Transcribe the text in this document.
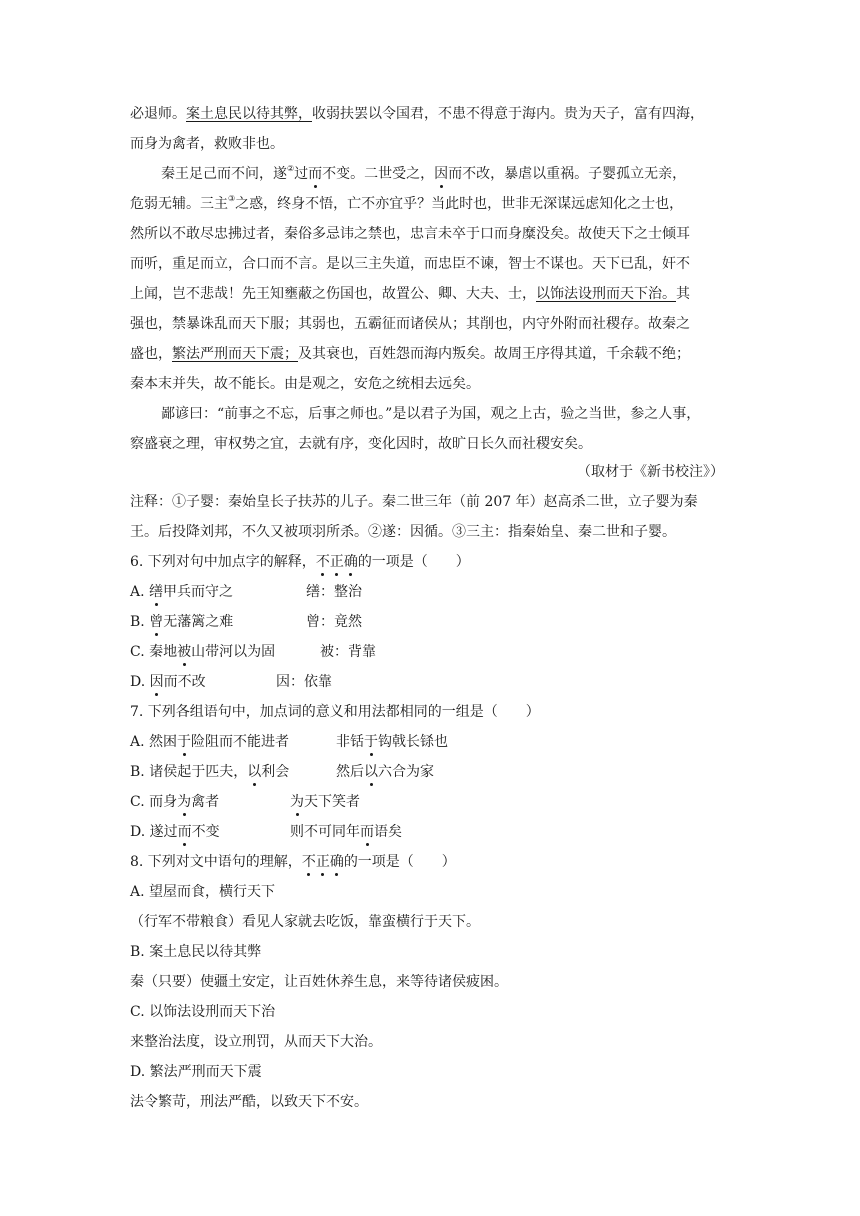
必退师。案土息民以待其弊，收弱扶罢以令国君，不患不得意于海内。贵为天子，富有四海，
而身为禽者，救败非也。
秦王足己而不问，遂②过而不变。二世受之，因而不改，暴虐以重祸。子婴孤立无亲，
危弱无辅。三主③之惑，终身不悟，亡不亦宜乎？当此时也，世非无深谋远虑知化之士也，
然所以不敢尽忠拂过者，秦俗多忌讳之禁也，忠言未卒于口而身糜没矣。故使天下之士倾耳
而听，重足而立，合口而不言。是以三主失道，而忠臣不谏，智士不谋也。天下已乱，奸不
上闻，岂不悲哉！先王知壅蔽之伤国也，故置公、卿、大夫、士，以饰法设刑而天下治。其
强也，禁暴诛乱而天下服；其弱也，五霸征而诸侯从；其削也，内守外附而社稷存。故秦之
盛也，繁法严刑而天下震；及其衰也，百姓怨而海内叛矣。故周王序得其道，千余载不绝；
秦本末并失，故不能长。由是观之，安危之统相去远矣。
鄙谚曰：“前事之不忘，后事之师也。”是以君子为国，观之上古，验之当世，参之人事，
察盛衰之理，审权势之宜，去就有序，变化因时，故旷日长久而社稷安矣。
（取材于《新书校注》）
注释：①子婴：秦始皇长子扶苏的儿子。秦二世三年（前 207 年）赵高杀二世，立子婴为秦
王。后投降刘邦，不久又被项羽所杀。②遂：因循。③三主：指秦始皇、秦二世和子婴。
6. 下列对句中加点字的解释，不正确的一项是（　　）
A. 缮甲兵而守之	缮：整治
B. 曾无藩篱之难	曾：竟然
C. 秦地被山带河以为固	被：背靠
D. 因而不改	因：依靠
7. 下列各组语句中，加点词的意义和用法都相同的一组是（　　）
A. 然困于险阻而不能进者	非铦于钩戟长铩也
B. 诸侯起于匹夫，以利会	然后以六合为家
C. 而身为禽者	为天下笑者
D. 遂过而不变	则不可同年而语矣
8. 下列对文中语句的理解，不正确的一项是（　　）
A. 望屋而食，横行天下
（行军不带粮食）看见人家就去吃饭，靠蛮横行于天下。
B. 案土息民以待其弊
秦（只要）使疆土安定，让百姓休养生息，来等待诸侯疲困。
C. 以饰法设刑而天下治
来整治法度，设立刑罚，从而天下大治。
D. 繁法严刑而天下震
法令繁苛，刑法严酷，以致天下不安。
